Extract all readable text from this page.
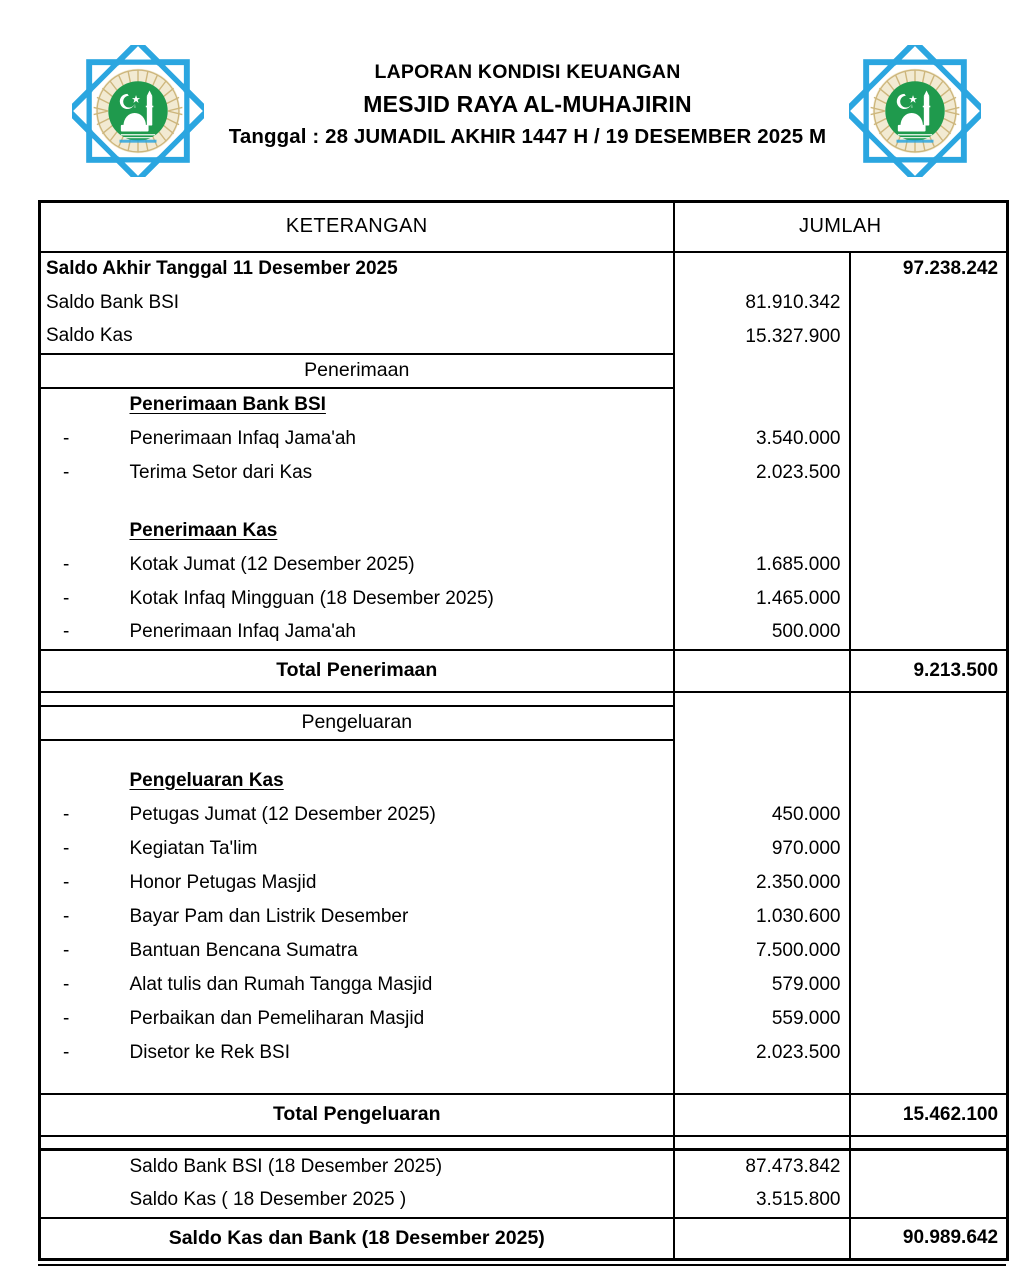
LAPORAN KONDISI KEUANGAN
MESJID RAYA AL-MUHAJIRIN
Tanggal : 28 JUMADIL AKHIR 1447 H / 19 DESEMBER 2025 M
KETERANGAN		JUMLAH	
Saldo Akhir Tanggal 11 Desember 2025			97.238.242
Saldo Bank BSI		81.910.342	
Saldo Kas		15.327.900	
Penerimaan			
	Penerimaan Bank BSI		
-	Penerimaan Infaq Jama'ah	3.540.000	
-	Terima Setor dari Kas	2.023.500	

	Penerimaan Kas		
-	Kotak Jumat (12 Desember 2025)	1.685.000	
-	Kotak Infaq Mingguan (18 Desember 2025)	1.465.000	
-	Penerimaan Infaq Jama'ah	500.000	
Total Penerimaan			9.213.500

Pengeluaran			

	Pengeluaran Kas		
-	Petugas Jumat (12 Desember 2025)	450.000	
-	Kegiatan Ta'lim	970.000	
-	Honor Petugas Masjid	2.350.000	
-	Bayar Pam dan Listrik Desember	1.030.600	
-	Bantuan Bencana Sumatra	7.500.000	
-	Alat tulis dan Rumah Tangga Masjid	579.000	
-	Perbaikan dan Pemeliharan Masjid	559.000	
-	Disetor ke Rek BSI	2.023.500	

Total Pengeluaran			15.462.100

	Saldo Bank BSI (18 Desember 2025)	87.473.842	
	Saldo Kas ( 18 Desember 2025 )	3.515.800	
Saldo Kas dan Bank (18 Desember 2025)			90.989.642
